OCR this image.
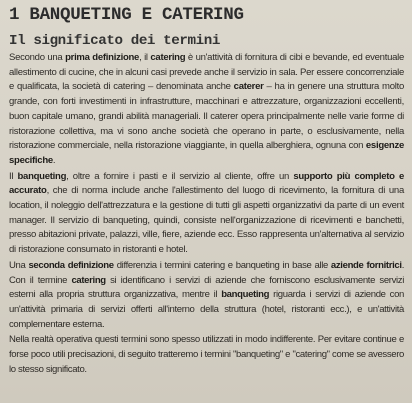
1 BANQUETING E CATERING
Il significato dei termini

Secondo una prima definizione, il catering è un'attività di fornitura di cibi e bevande, ed eventuale allestimento di cucine, che in alcuni casi prevede anche il servizio in sala. Per essere concorrenziale e qualificata, la società di catering – denominata anche caterer – ha in genere una struttura molto grande, con forti investimenti in infrastrutture, macchinari e attrezzature, organizzazioni eccellenti, buon capitale umano, grandi abilità manageriali. Il caterer opera principalmente nelle varie forme di ristorazione collettiva, ma vi sono anche società che operano in parte, o esclusivamente, nella ristorazione commerciale, nella ristorazione viaggiante, in quella alberghiera, ognuna con esigenze specifiche.

Il banqueting, oltre a fornire i pasti e il servizio al cliente, offre un supporto più completo e accurato, che di norma include anche l'allestimento del luogo di ricevimento, la fornitura di una location, il noleggio dell'attrezzatura e la gestione di tutti gli aspetti organizzativi da parte di un event manager. Il servizio di banqueting, quindi, consiste nell'organizzazione di ricevimenti e banchetti, presso abitazioni private, palazzi, ville, fiere, aziende ecc. Esso rappresenta un'alternativa al servizio di ristorazione consumato in ristoranti e hotel.

Una seconda definizione differenzia i termini catering e banqueting in base alle aziende fornitrici. Con il termine catering si identificano i servizi di aziende che forniscono esclusivamente servizi esterni alla propria struttura organizzativa, mentre il banqueting riguarda i servizi di aziende con un'attività primaria di servizi offerti all'interno della struttura (hotel, ristoranti ecc.), e un'attività complementare esterna.

Nella realtà operativa questi termini sono spesso utilizzati in modo indifferente. Per evitare continue e forse poco utili precisazioni, di seguito tratteremo i termini "banqueting" e "catering" come se avessero lo stesso significato.
